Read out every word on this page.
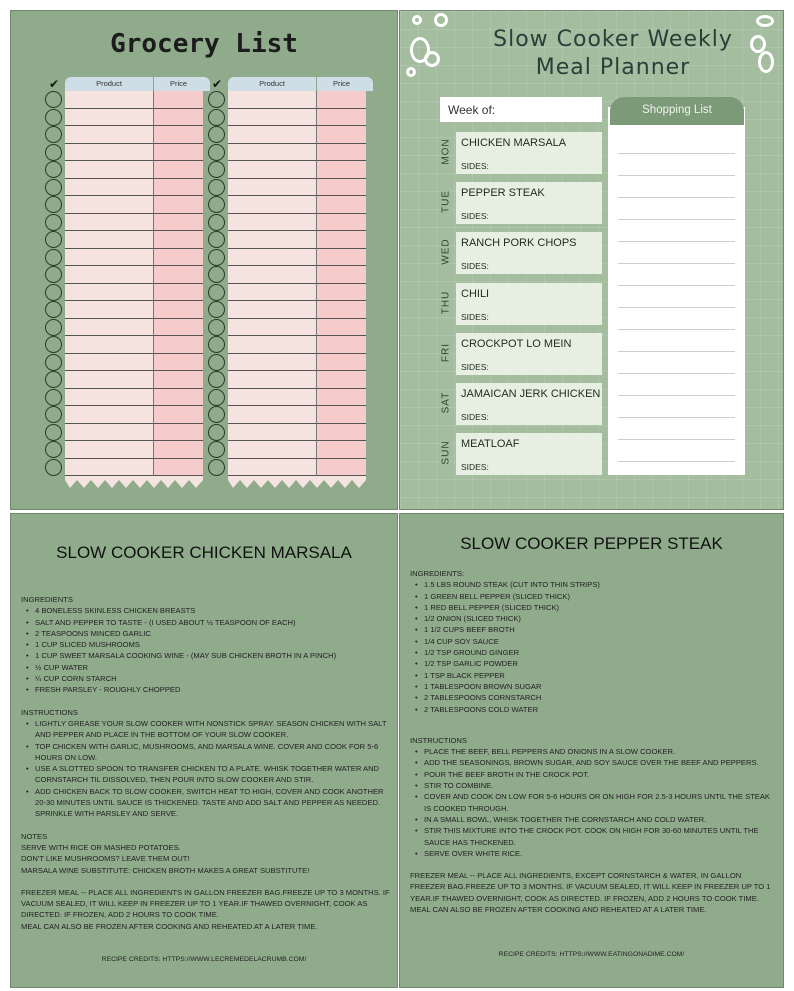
Grocery List
✔	Product	Price	✔	Product	Price
Slow Cooker Weekly
Meal Planner
Week of:	Shopping List
MON CHICKEN MARSALA
SIDES:
TUE PEPPER STEAK
SIDES:
WED RANCH PORK CHOPS
SIDES:
THU CHILI
SIDES:
FRI CROCKPOT LO MEIN
SIDES:
SAT JAMAICAN JERK CHICKEN
SIDES:
SUN MEATLOAF
SIDES:
SLOW COOKER CHICKEN MARSALA
INGREDIENTS
• 4 BONELESS SKINLESS CHICKEN BREASTS
• SALT AND PEPPER TO TASTE - (I USED ABOUT ½ TEASPOON OF EACH)
• 2 TEASPOONS MINCED GARLIC
• 1 CUP SLICED MUSHROOMS
• 1 CUP SWEET MARSALA COOKING WINE - (MAY SUB CHICKEN BROTH IN A PINCH)
• ½ CUP WATER
• ¼ CUP CORN STARCH
• FRESH PARSLEY - ROUGHLY CHOPPED
INSTRUCTIONS
• LIGHTLY GREASE YOUR SLOW COOKER WITH NONSTICK SPRAY. SEASON CHICKEN WITH SALT AND PEPPER AND PLACE IN THE BOTTOM OF YOUR SLOW COOKER.
• TOP CHICKEN WITH GARLIC, MUSHROOMS, AND MARSALA WINE. COVER AND COOK FOR 5-6 HOURS ON LOW.
• USE A SLOTTED SPOON TO TRANSFER CHICKEN TO A PLATE. WHISK TOGETHER WATER AND CORNSTARCH TIL DISSOLVED, THEN POUR INTO SLOW COOKER AND STIR.
• ADD CHICKEN BACK TO SLOW COOKER, SWITCH HEAT TO HIGH, COVER AND COOK ANOTHER 20-30 MINUTES UNTIL SAUCE IS THICKENED. TASTE AND ADD SALT AND PEPPER AS NEEDED. SPRINKLE WITH PARSLEY AND SERVE.
NOTES
SERVE WITH RICE OR MASHED POTATOES.
DON'T LIKE MUSHROOMS? LEAVE THEM OUT!
MARSALA WINE SUBSTITUTE: CHICKEN BROTH MAKES A GREAT SUBSTITUTE!
FREEZER MEAL -- PLACE ALL INGREDIENTS IN GALLON FREEZER BAG.FREEZE UP TO 3 MONTHS. IF VACUUM SEALED, IT WILL KEEP IN FREEZER UP TO 1 YEAR.IF THAWED OVERNIGHT, COOK AS DIRECTED. IF FROZEN, ADD 2 HOURS TO COOK TIME.
MEAL CAN ALSO BE FROZEN AFTER COOKING AND REHEATED AT A LATER TIME.
RECIPE CREDITS: HTTPS://WWW.LECREMEDELACRUMB.COM/
SLOW COOKER PEPPER STEAK
INGREDIENTS:
• 1.5 LBS ROUND STEAK (CUT INTO THIN STRIPS)
• 1 GREEN BELL PEPPER (SLICED THICK)
• 1 RED BELL PEPPER (SLICED THICK)
• 1/2 ONION (SLICED THICK)
• 1 1/2 CUPS BEEF BROTH
• 1/4 CUP SOY SAUCE
• 1/2 TSP GROUND GINGER
• 1/2 TSP GARLIC POWDER
• 1 TSP BLACK PEPPER
• 1 TABLESPOON BROWN SUGAR
• 2 TABLESPOONS CORNSTARCH
• 2 TABLESPOONS COLD WATER
INSTRUCTIONS
• PLACE THE BEEF, BELL PEPPERS AND ONIONS IN A SLOW COOKER.
• ADD THE SEASONINGS, BROWN SUGAR, AND SOY SAUCE OVER THE BEEF AND PEPPERS.
• POUR THE BEEF BROTH IN THE CROCK POT.
• STIR TO COMBINE.
• COVER AND COOK ON LOW FOR 5-6 HOURS OR ON HIGH FOR 2.5-3 HOURS UNTIL THE STEAK IS COOKED THROUGH.
• IN A SMALL BOWL, WHISK TOGETHER THE CORNSTARCH AND COLD WATER.
• STIR THIS MIXTURE INTO THE CROCK POT. COOK ON HIGH FOR 30-60 MINUTES UNTIL THE SAUCE HAS THICKENED.
• SERVE OVER WHITE RICE.
FREEZER MEAL -- PLACE ALL INGREDIENTS, EXCEPT CORNSTARCH & WATER, IN GALLON FREEZER BAG.FREEZE UP TO 3 MONTHS. IF VACUUM SEALED, IT WILL KEEP IN FREEZER UP TO 1 YEAR.IF THAWED OVERNIGHT, COOK AS DIRECTED. IF FROZEN, ADD 2 HOURS TO COOK TIME.
MEAL CAN ALSO BE FROZEN AFTER COOKING AND REHEATED AT A LATER TIME.
RECIPE CREDITS: HTTPS://WWW.EATINGONADIME.COM/
